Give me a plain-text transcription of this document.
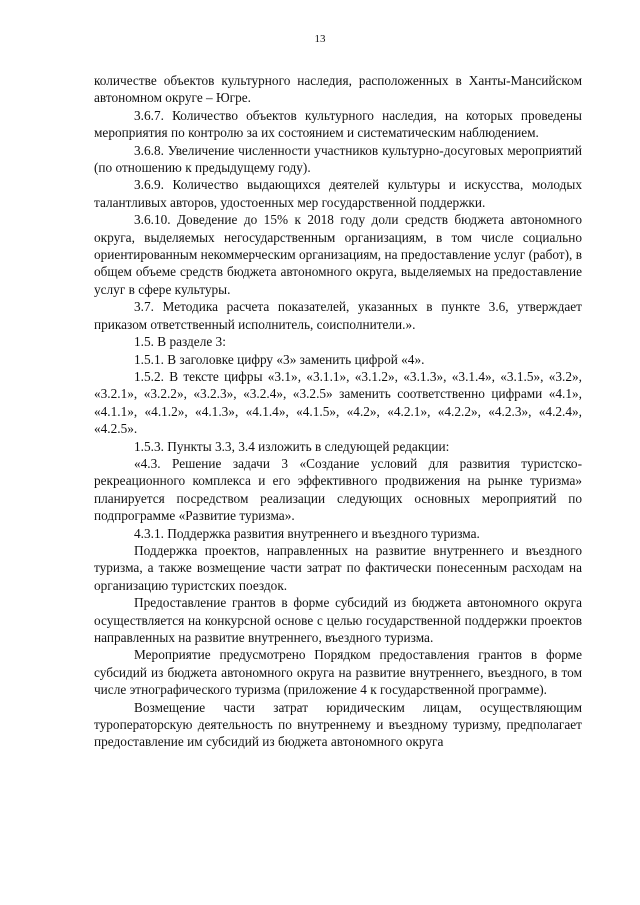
13

количестве объектов культурного наследия, расположенных в Ханты-Мансийском автономном округе – Югре.

3.6.7. Количество объектов культурного наследия, на которых проведены мероприятия по контролю за их состоянием и систематическим наблюдением.

3.6.8. Увеличение численности участников культурно-досуговых мероприятий (по отношению к предыдущему году).

3.6.9. Количество выдающихся деятелей культуры и искусства, молодых талантливых авторов, удостоенных мер государственной поддержки.

3.6.10. Доведение до 15% к 2018 году доли средств бюджета автономного округа, выделяемых негосударственным организациям, в том числе социально ориентированным некоммерческим организациям, на предоставление услуг (работ), в общем объеме средств бюджета автономного округа, выделяемых на предоставление услуг в сфере культуры.

3.7. Методика расчета показателей, указанных в пункте 3.6, утверждает приказом ответственный исполнитель, соисполнители.».

1.5. В разделе 3:

1.5.1. В заголовке цифру «3» заменить цифрой «4».

1.5.2. В тексте цифры «3.1», «3.1.1», «3.1.2», «3.1.3», «3.1.4», «3.1.5», «3.2», «3.2.1», «3.2.2», «3.2.3», «3.2.4», «3.2.5» заменить соответственно цифрами «4.1», «4.1.1», «4.1.2», «4.1.3», «4.1.4», «4.1.5», «4.2», «4.2.1», «4.2.2», «4.2.3», «4.2.4», «4.2.5».

1.5.3. Пункты 3.3, 3.4 изложить в следующей редакции:

«4.3. Решение задачи 3 «Создание условий для развития туристско-рекреационного комплекса и его эффективного продвижения на рынке туризма» планируется посредством реализации следующих основных мероприятий по подпрограмме «Развитие туризма».

4.3.1. Поддержка развития внутреннего и въездного туризма.

Поддержка проектов, направленных на развитие внутреннего и въездного туризма, а также возмещение части затрат по фактически понесенным расходам на организацию туристских поездок.

Предоставление грантов в форме субсидий из бюджета автономного округа осуществляется на конкурсной основе с целью государственной поддержки проектов направленных на развитие внутреннего, въездного туризма.

Мероприятие предусмотрено Порядком предоставления грантов в форме субсидий из бюджета автономного округа на развитие внутреннего, въездного, в том числе этнографического туризма (приложение 4 к государственной программе).

Возмещение части затрат юридическим лицам, осуществляющим туроператорскую деятельность по внутреннему и въездному туризму, предполагает предоставление им субсидий из бюджета автономного округа
